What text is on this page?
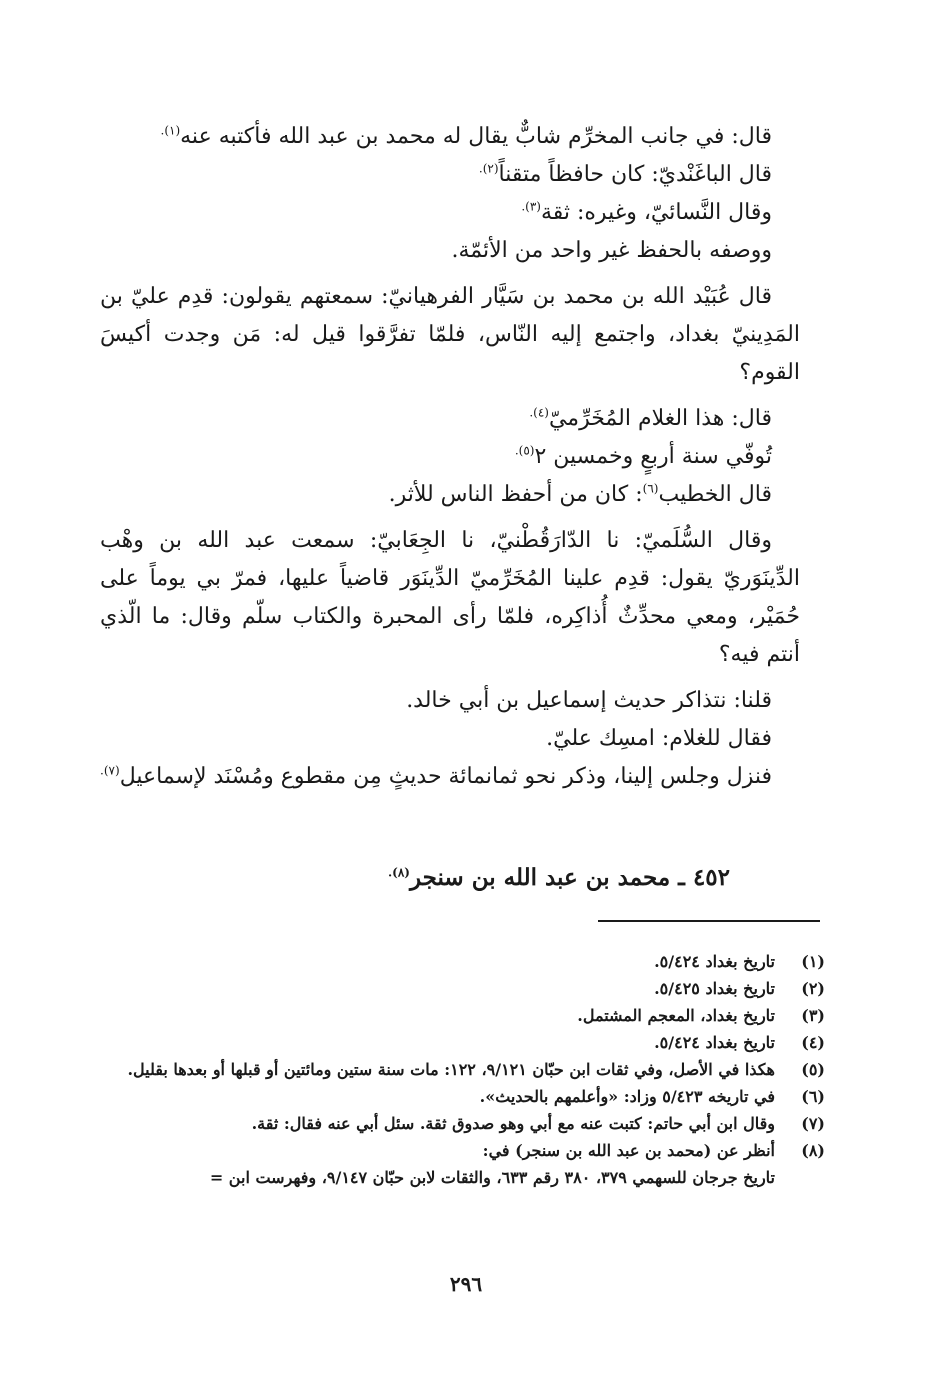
قال: في جانب المخرِّم شابٌّ يقال له محمد بن عبد الله فأكتبه عنه$^{(١).}$

قال الباغَنْديّ: كان حافظاً متقناً$^{(٢).}$

وقال النَّسائيّ، وغيره: ثقة$^{(٣).}$

ووصفه بالحفظ غير واحد من الأئمّة.

قال عُبَيْد الله بن محمد بن سَيَّار الفرهيانيّ: سمعتهم يقولون: قدِم عليّ بن المَدِينيّ بغداد، واجتمع إليه النّاس، فلمّا تفرَّقوا قيل له: مَن وجدت أكيسَ القوم؟

قال: هذا الغلام المُخَرِّميّ$^{(٤).}$

تُوفّي سنة أربعٍ وخمسين $٢^{(٥).}$

قال الخطيب$^{(٦)}$: كان من أحفظ الناس للأثر.

وقال السُّلَميّ: نا الدّارَقُطْنيّ، نا الجِعَابيّ: سمعت عبد الله بن وهْب الدِّينَوَريّ يقول: قدِم علينا المُخَرِّميّ الدِّينَوَر قاضياً عليها، فمرّ بي يوماً على حُمَيْر، ومعي محدِّثٌ أُذاكِره، فلمّا رأى المحبرة والكتاب سلّم وقال: ما الّذي أنتم فيه؟

قلنا: نتذاكر حديث إسماعيل بن أبي خالد.

فقال للغلام: امسِك عليّ.

فنزل وجلس إلينا، وذكر نحو ثمانمائة حديثٍ مِن مقطوع ومُسْنَد لإسماعيل$^{(٧).}$

٤٥٢ ـ محمد بن عبد الله بن سنجر$^{(٨).}$
(١)
تاريخ بغداد ٥/٤٢٤.
(٢)
تاريخ بغداد ٥/٤٢٥.
(٣)
تاريخ بغداد، المعجم المشتمل.
(٤)
تاريخ بغداد ٥/٤٢٤.
(٥)
هكذا في الأصل، وفي ثقات ابن حبّان ٩/١٢١، ١٢٢: مات سنة ستين ومائتين أو قبلها أو بعدها بقليل.
(٦)
في تاريخه ٥/٤٢٣ وزاد: «وأعلمهم بالحديث».
(٧)
وقال ابن أبي حاتم: كتبت عنه مع أبي وهو صدوق ثقة. سئل أبي عنه فقال: ثقة.
(٨)
أنظر عن (محمد بن عبد الله بن سنجر) في:
تاريخ جرجان للسهمي ٣٧٩، ٣٨٠ رقم ٦٣٣، والثقات لابن حبّان ٩/١٤٧، وفهرست ابن =
٢٩٦
